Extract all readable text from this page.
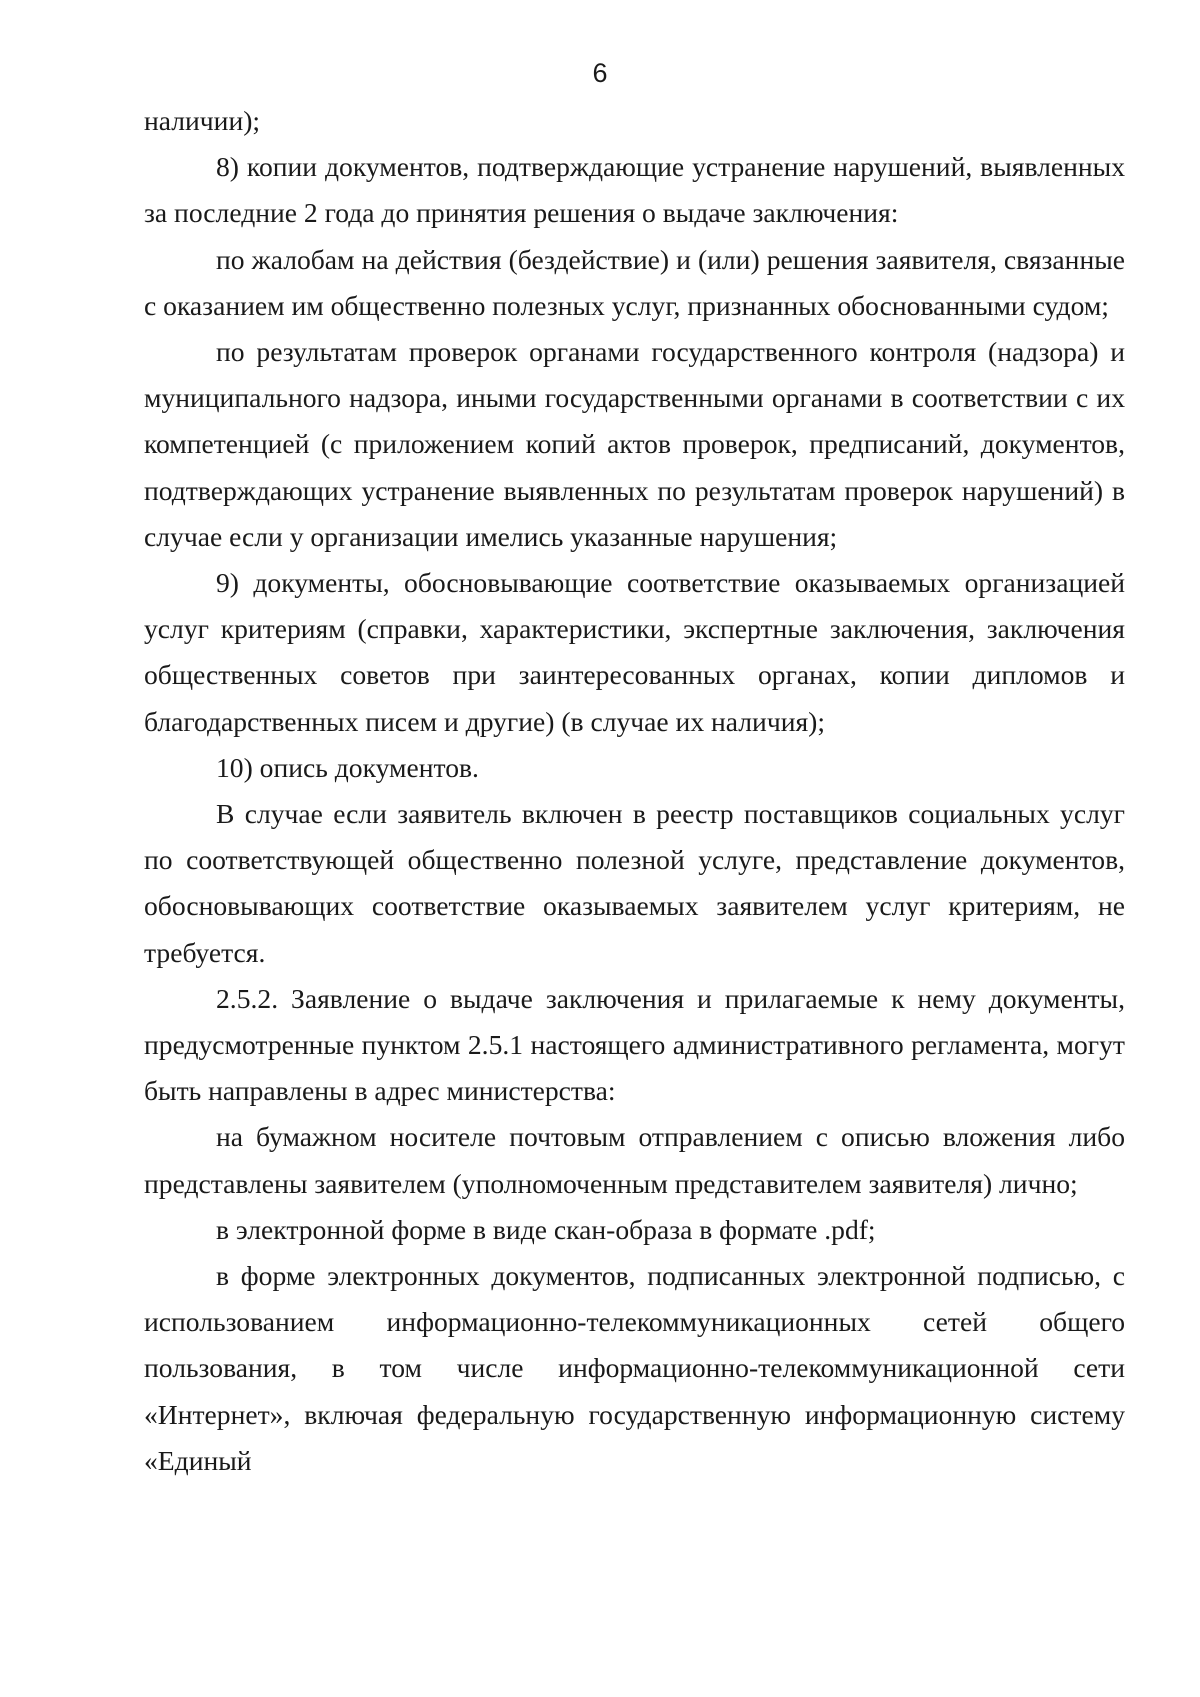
6

наличии);

8) копии документов, подтверждающие устранение нарушений, выявленных за последние 2 года до принятия решения о выдаче заключения:

по жалобам на действия (бездействие) и (или) решения заявителя, связанные с оказанием им общественно полезных услуг, признанных обоснованными судом;

по результатам проверок органами государственного контроля (надзора) и муниципального надзора, иными государственными органами в соответствии с их компетенцией (с приложением копий актов проверок, предписаний, документов, подтверждающих устранение выявленных по результатам проверок нарушений) в случае если у организации имелись указанные нарушения;

9) документы, обосновывающие соответствие оказываемых организацией услуг критериям (справки, характеристики, экспертные заключения, заключения общественных советов при заинтересованных органах, копии дипломов и благодарственных писем и другие) (в случае их наличия);

10) опись документов.

В случае если заявитель включен в реестр поставщиков социальных услуг по соответствующей общественно полезной услуге, представление документов, обосновывающих соответствие оказываемых заявителем услуг критериям, не требуется.

2.5.2. Заявление о выдаче заключения и прилагаемые к нему документы, предусмотренные пунктом 2.5.1 настоящего административного регламента, могут быть направлены в адрес министерства:

на бумажном носителе почтовым отправлением с описью вложения либо представлены заявителем (уполномоченным представителем заявителя) лично;

в электронной форме в виде скан-образа в формате .pdf;

в форме электронных документов, подписанных электронной подписью, с использованием информационно-телекоммуникационных сетей общего пользования, в том числе информационно-телекоммуникационной сети «Интернет», включая федеральную государственную информационную систему «Единый
